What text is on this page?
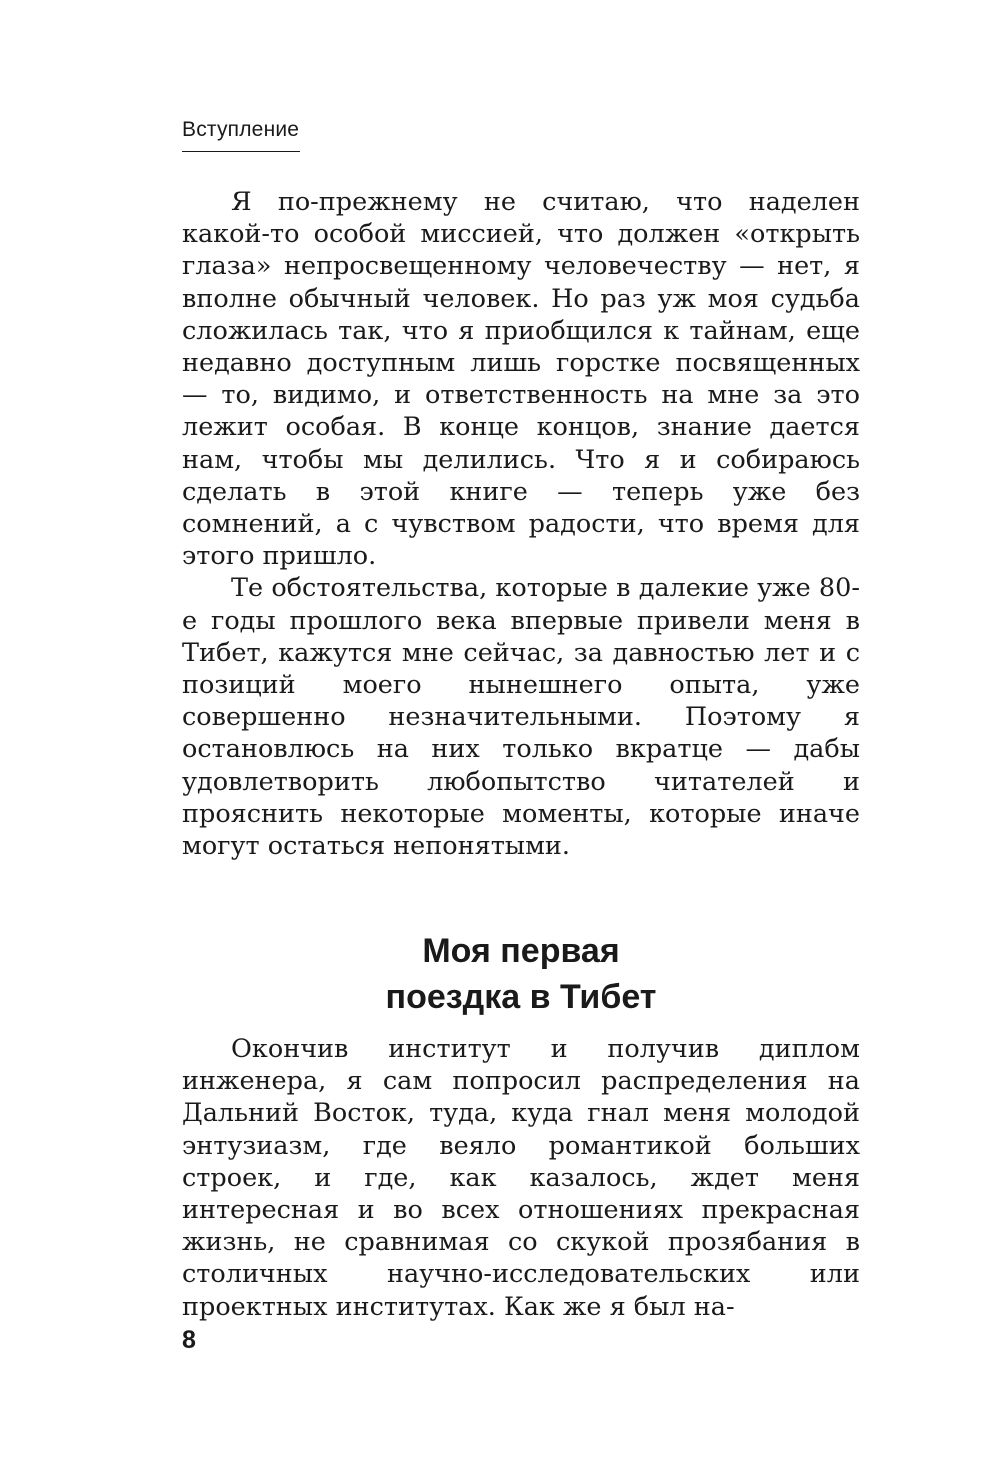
Вступление

Я по-прежнему не считаю, что наделен какой-то особой миссией, что должен «открыть глаза» непросвещенному человечеству — нет, я вполне обычный человек. Но раз уж моя судьба сложилась так, что я приобщился к тайнам, еще недавно доступным лишь горстке посвященных — то, видимо, и ответственность на мне за это лежит особая. В конце концов, знание дается нам, чтобы мы делились. Что я и собираюсь сделать в этой книге — теперь уже без сомнений, а с чувством радости, что время для этого пришло.

Те обстоятельства, которые в далекие уже 80-е годы прошлого века впервые привели меня в Тибет, кажутся мне сейчас, за давностью лет и с позиций моего нынешнего опыта, уже совершенно незначительными. Поэтому я остановлюсь на них только вкратце — дабы удовлетворить любопытство читателей и прояснить некоторые моменты, которые иначе могут остаться непонятыми.

Моя первая
поездка в Тибет

Окончив институт и получив диплом инженера, я сам попросил распределения на Дальний Восток, туда, куда гнал меня молодой энтузиазм, где веяло романтикой больших строек, и где, как казалось, ждет меня интересная и во всех отношениях прекрасная жизнь, не сравнимая со скукой прозябания в столичных научно-исследовательских или проектных институтах. Как же я был на-

8
